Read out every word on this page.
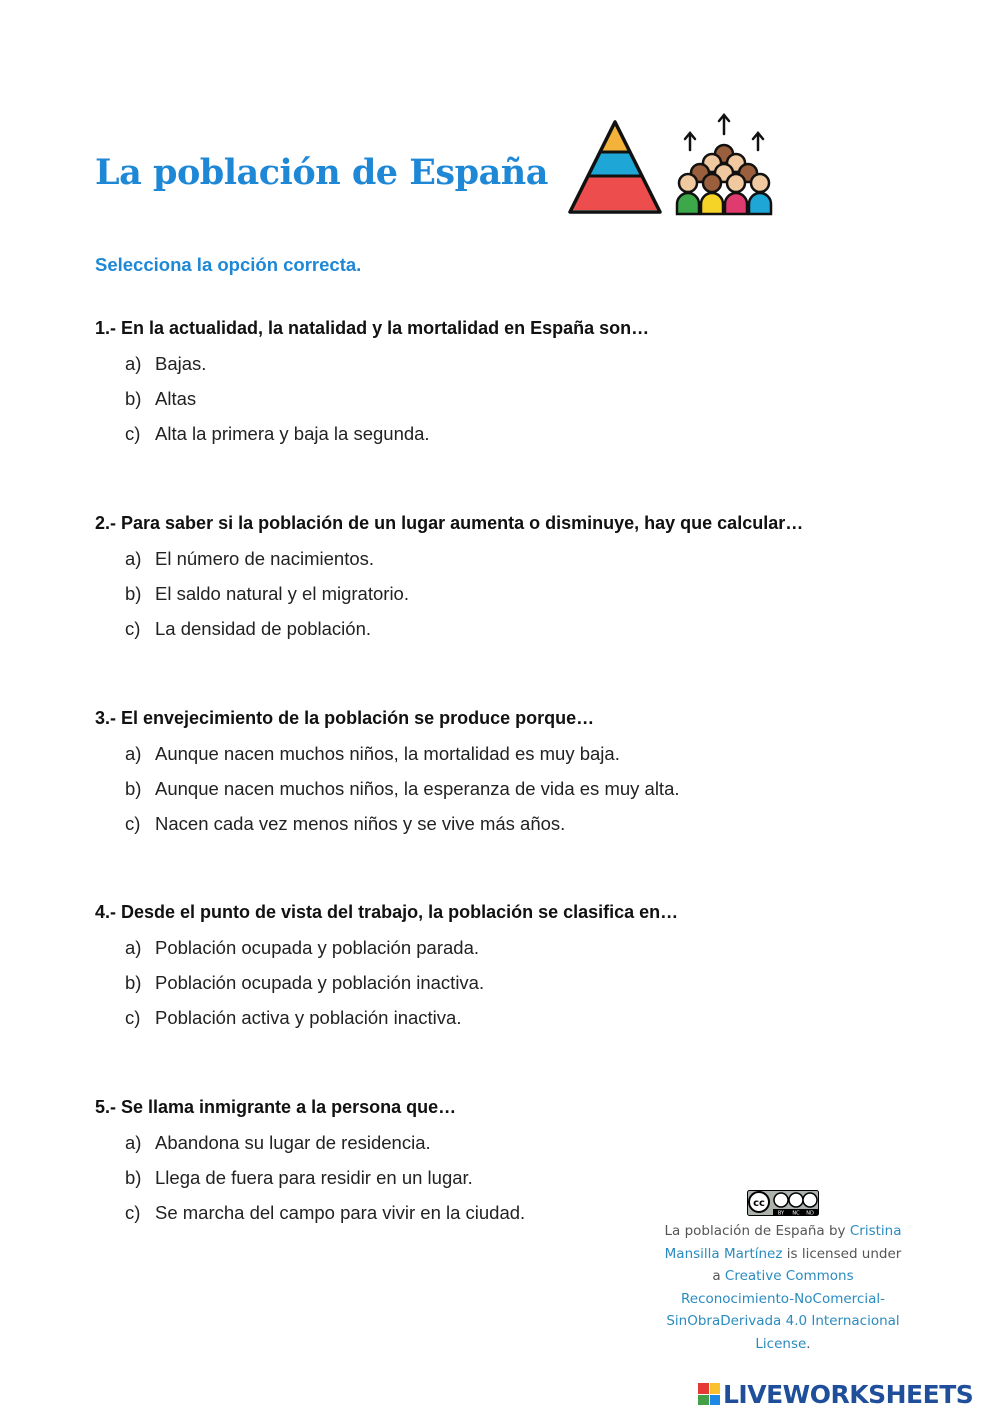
La población de España
Selecciona la opción correcta.

1.- En la actualidad, la natalidad y la mortalidad en España son…

a) Bajas.
b) Altas
c) Alta la primera y baja la segunda.

2.- Para saber si la población de un lugar aumenta o disminuye, hay que calcular…

a) El número de nacimientos.
b) El saldo natural y el migratorio.
c) La densidad de población.

3.- El envejecimiento de la población se produce porque…

a) Aunque nacen muchos niños, la mortalidad es muy baja.
b) Aunque nacen muchos niños, la esperanza de vida es muy alta.
c) Nacen cada vez menos niños y se vive más años.

4.- Desde el punto de vista del trabajo, la población se clasifica en…

a) Población ocupada y población parada.
b) Población ocupada y población inactiva.
c) Población activa y población inactiva.

5.- Se llama inmigrante a la persona que…

a) Abandona su lugar de residencia.
b) Llega de fuera para residir en un lugar.
c) Se marcha del campo para vivir en la ciudad.	cc
BY NC ND
La población de España by Cristina Mansilla Martínez is licensed under a Creative Commons Reconocimiento-NoComercial-SinObraDerivada 4.0 Internacional License.
LIVEWORKSHEETS
